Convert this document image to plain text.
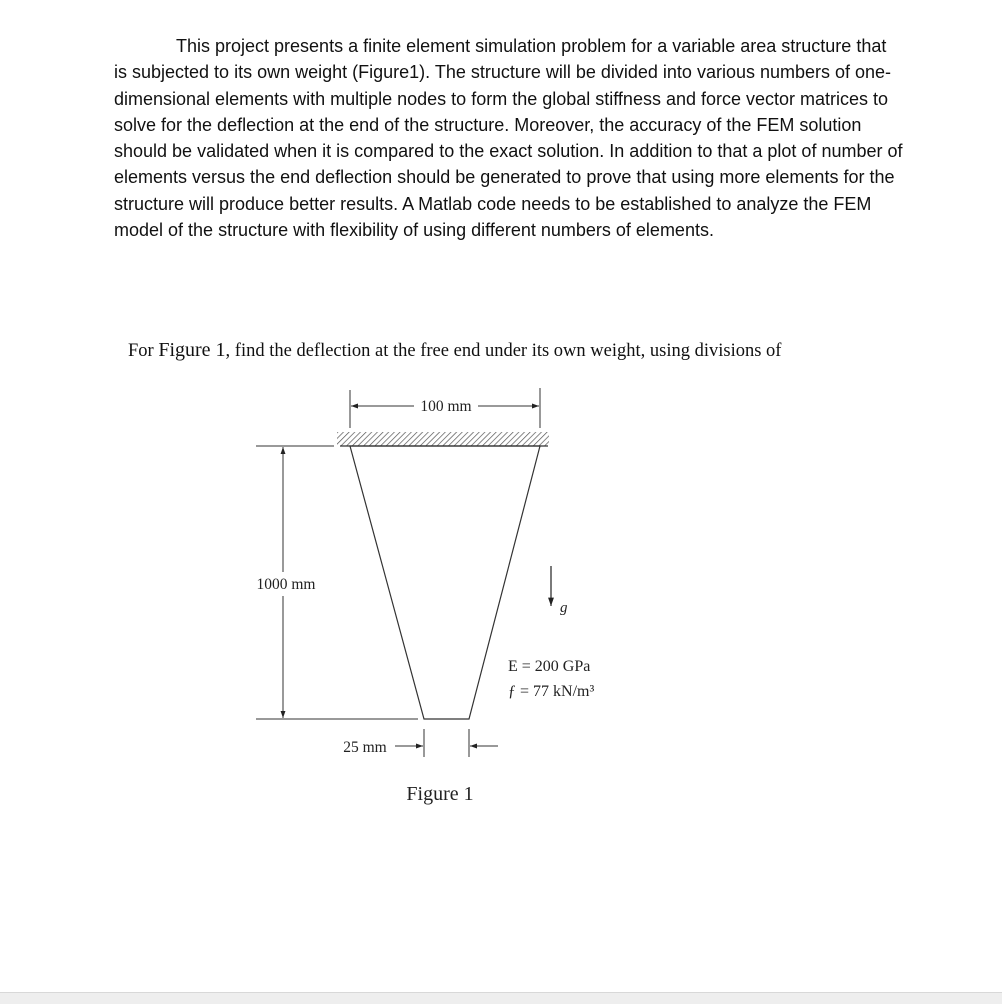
This project presents a finite element simulation problem for a variable area structure that is subjected to its own weight (Figure1). The structure will be divided into various numbers of one-dimensional elements with multiple nodes to form the global stiffness and force vector matrices to solve for the deflection at the end of the structure. Moreover, the accuracy of the FEM solution should be validated when it is compared to the exact solution. In addition to that a plot of number of elements versus the end deflection should be generated to prove that using more elements for the structure will produce better results. A Matlab code needs to be established to analyze the FEM model of the structure with flexibility of using different numbers of elements.

For Figure 1, find the deflection at the free end under its own weight, using divisions of

100 mm
1000 mm
g
E = 200 GPa
ƒ = 77 kN/m³
25 mm
Figure 1
